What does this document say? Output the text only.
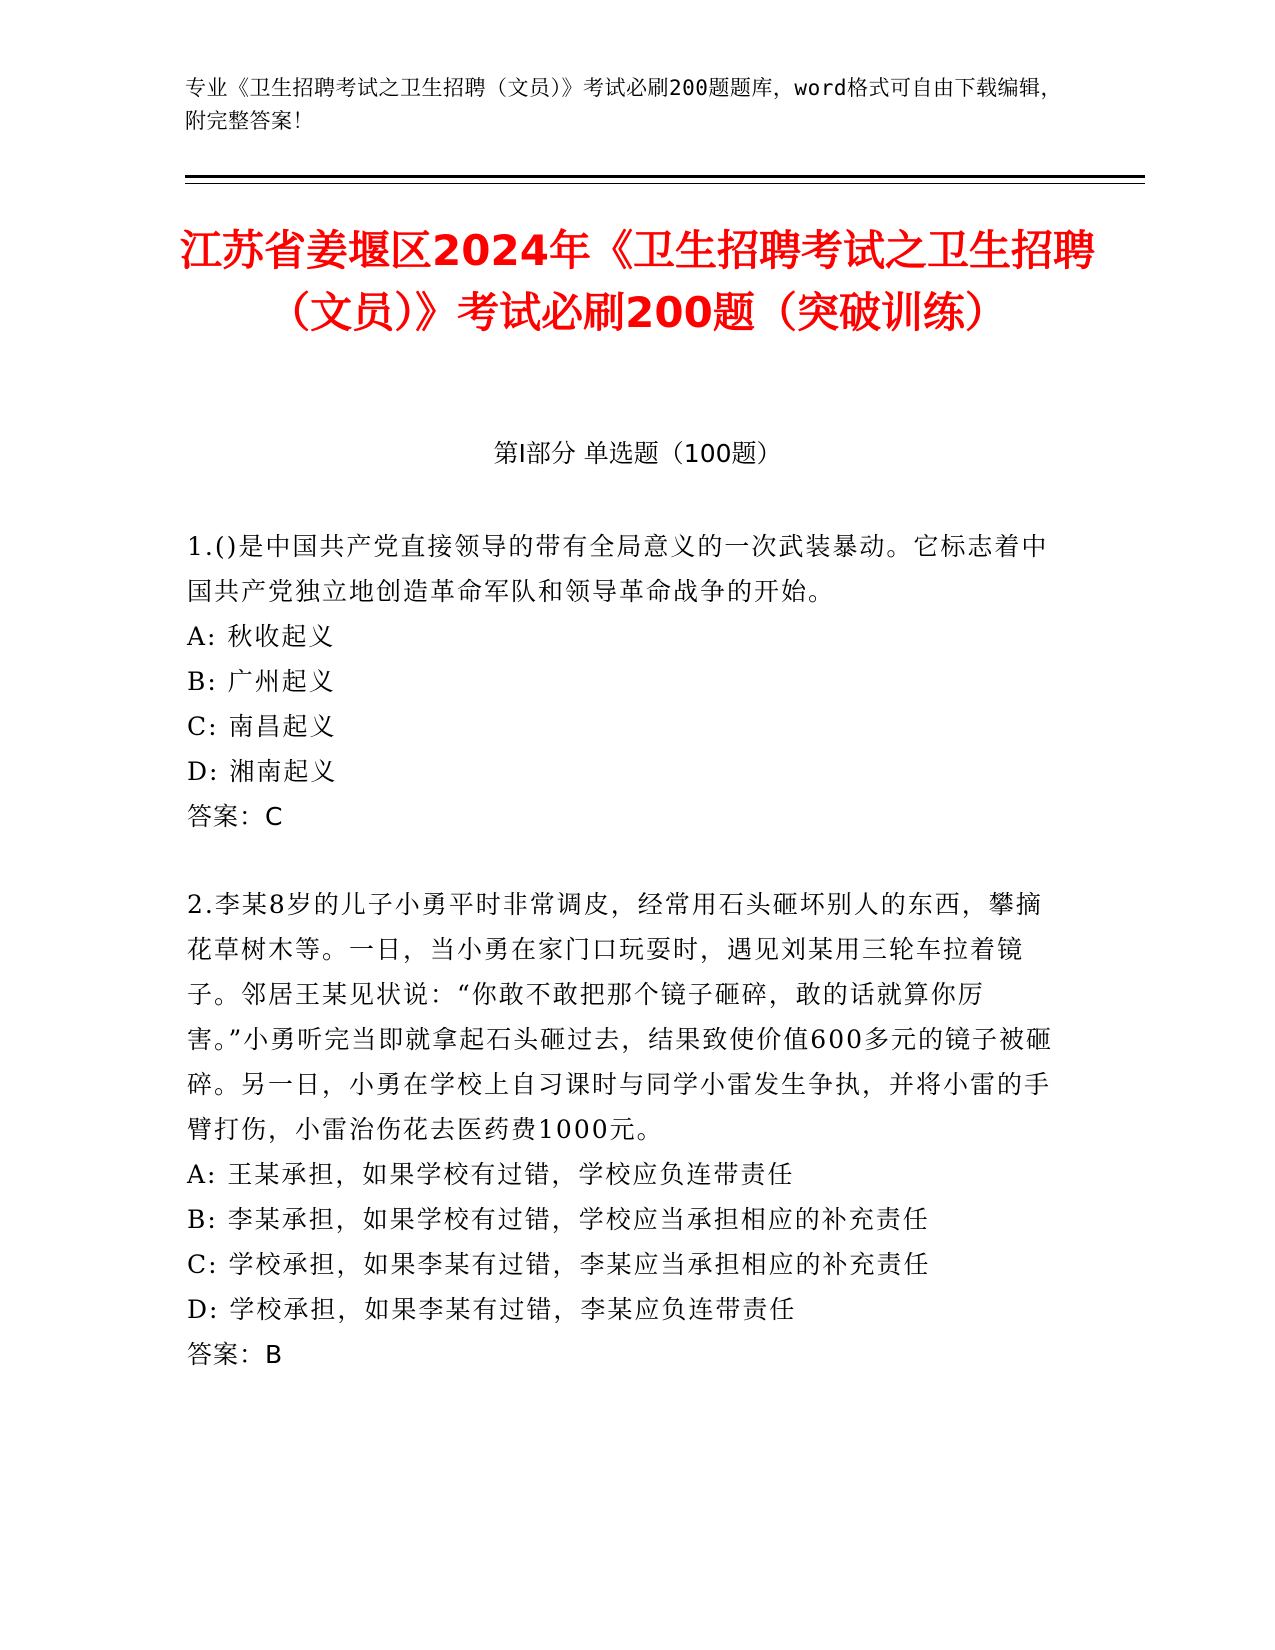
专业《卫生招聘考试之卫生招聘（文员）》考试必刷200题题库，word格式可自由下载编辑，附完整答案！
江苏省姜堰区2024年《卫生招聘考试之卫生招聘（文员）》考试必刷200题（突破训练）
第I部分 单选题（100题）
1.()是中国共产党直接领导的带有全局意义的一次武装暴动。它标志着中国共产党独立地创造革命军队和领导革命战争的开始。
A: 秋收起义
B: 广州起义
C: 南昌起义
D: 湘南起义
答案：C
2.李某8岁的儿子小勇平时非常调皮，经常用石头砸坏别人的东西，攀摘花草树木等。一日，当小勇在家门口玩耍时，遇见刘某用三轮车拉着镜子。邻居王某见状说：“你敢不敢把那个镜子砸碎，敢的话就算你厉害。”小勇听完当即就拿起石头砸过去，结果致使价值600多元的镜子被砸碎。另一日，小勇在学校上自习课时与同学小雷发生争执，并将小雷的手臂打伤，小雷治伤花去医药费1000元。
A: 王某承担，如果学校有过错，学校应负连带责任
B: 李某承担，如果学校有过错，学校应当承担相应的补充责任
C: 学校承担，如果李某有过错，李某应当承担相应的补充责任
D: 学校承担，如果李某有过错，李某应负连带责任
答案：B
